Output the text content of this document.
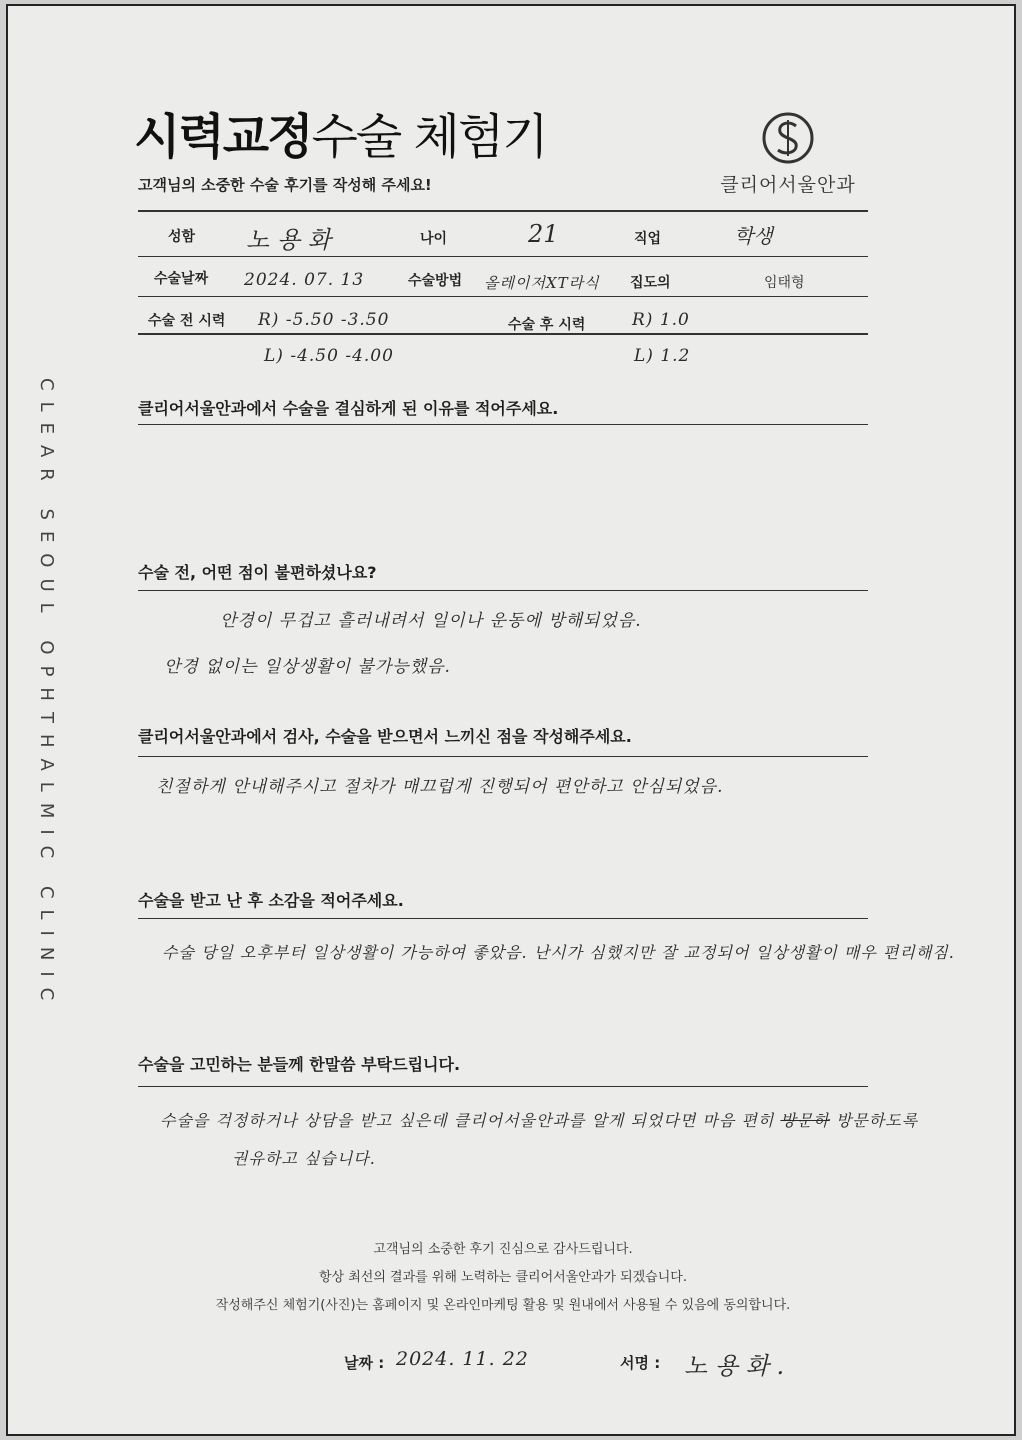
시력교정수술 체험기
고객님의 소중한 수술 후기를 작성해 주세요!	클리어서울안과
CLEAR SEOUL OPHTHALMIC CLINIC
성함 노 용 화	나이	21	직업	학생
수술날짜 2024. 07. 13	수술방법 올레이저XT라식 집도의	임태형
수술 전 시력 R) -5.50 -3.50	수술 후 시력	R) 1.0
L) -4.50 -4.00	L) 1.2
클리어서울안과에서 수술을 결심하게 된 이유를 적어주세요.
수술 전, 어떤 점이 불편하셨나요?
안경이 무겁고 흘러내려서 일이나 운동에 방해되었음.
안경 없이는 일상생활이 불가능했음.
클리어서울안과에서 검사, 수술을 받으면서 느끼신 점을 작성해주세요.
친절하게 안내해주시고 절차가 매끄럽게 진행되어 편안하고 안심되었음.
수술을 받고 난 후 소감을 적어주세요.
수술 당일 오후부터 일상생활이 가능하여 좋았음. 난시가 심했지만 잘 교정되어 일상생활이 매우 편리해짐.
수술을 고민하는 분들께 한말씀 부탁드립니다.
수술을 걱정하거나 상담을 받고 싶은데 클리어서울안과를 알게 되었다면 마음 편히 방문하 방문하도록
권유하고 싶습니다.
고객님의 소중한 후기 진심으로 감사드립니다.
항상 최선의 결과를 위해 노력하는 클리어서울안과가 되겠습니다.
작성해주신 체험기(사진)는 홈페이지 및 온라인마케팅 활용 및 원내에서 사용될 수 있음에 동의합니다.
날짜 : 2024. 11. 22	서명 : 노 용 화 .
